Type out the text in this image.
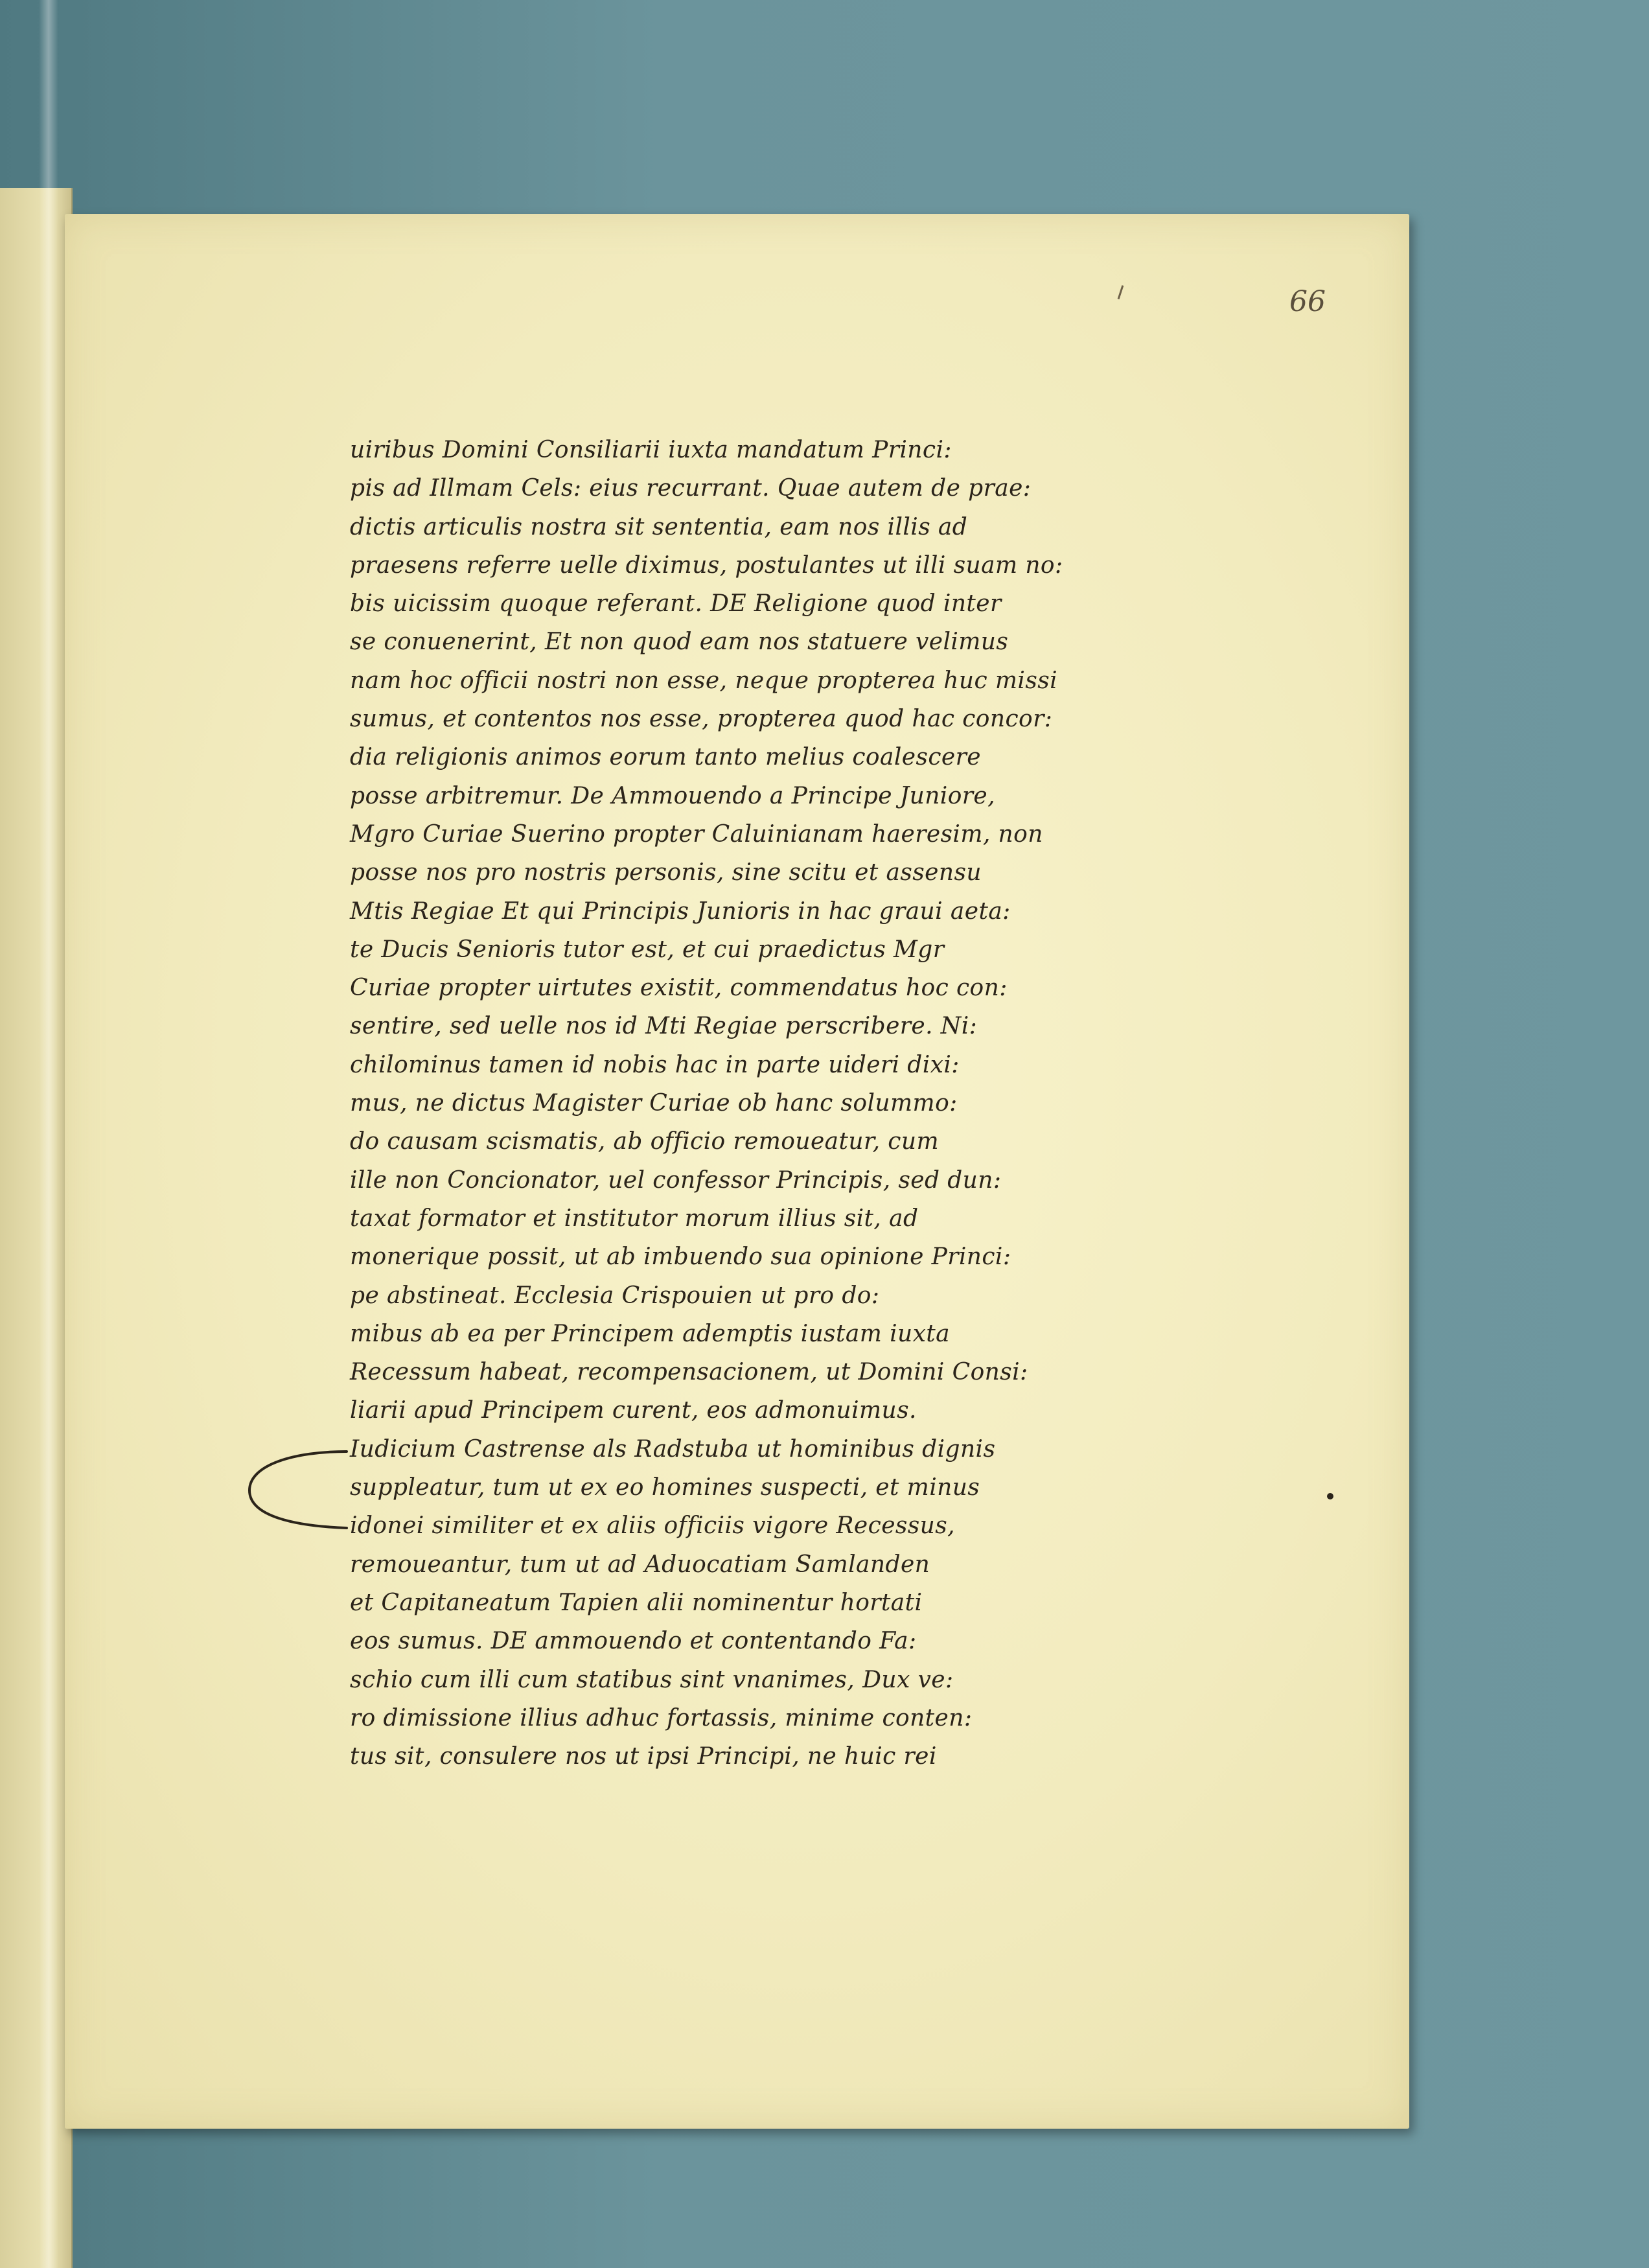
66
uiribus Domini Consiliarii iuxta mandatum Princi:
pis ad Illmam Cels: eius recurrant. Quae autem de prae:
dictis articulis nostra sit sententia, eam nos illis ad
praesens referre uelle diximus, postulantes ut illi suam no:
bis uicissim quoque referant. DE Religione quod inter
se conuenerint, Et non quod eam nos statuere velimus
nam hoc officii nostri non esse, neque propterea huc missi
sumus, et contentos nos esse, propterea quod hac concor:
dia religionis animos eorum tanto melius coalescere
posse arbitremur. De Ammouendo a Principe Juniore,
Mgro Curiae Suerino propter Caluinianam haeresim, non
posse nos pro nostris personis, sine scitu et assensu
Mtis Regiae Et qui Principis Junioris in hac graui aeta:
te Ducis Senioris tutor est, et cui praedictus Mgr
Curiae propter uirtutes existit, commendatus hoc con:
sentire, sed uelle nos id Mti Regiae perscribere. Ni:
chilominus tamen id nobis hac in parte uideri dixi:
mus, ne dictus Magister Curiae ob hanc solummo:
do causam scismatis, ab officio remoueatur, cum
ille non Concionator, uel confessor Principis, sed dun:
taxat formator et institutor morum illius sit, ad
monerique possit, ut ab imbuendo sua opinione Princi:
pe abstineat. Ecclesia Crispouien ut pro do:
mibus ab ea per Principem ademptis iustam iuxta
Recessum habeat, recompensacionem, ut Domini Consi:
liarii apud Principem curent, eos admonuimus.
Iudicium Castrense als Radstuba ut hominibus dignis
suppleatur, tum ut ex eo homines suspecti, et minus
idonei similiter et ex aliis officiis vigore Recessus,
remoueantur, tum ut ad Aduocatiam Samlanden
et Capitaneatum Tapien alii nominentur hortati
eos sumus. DE ammouendo et contentando Fa:
schio cum illi cum statibus sint vnanimes, Dux ve:
ro dimissione illius adhuc fortassis, minime conten:
tus sit, consulere nos ut ipsi Principi, ne huic rei
